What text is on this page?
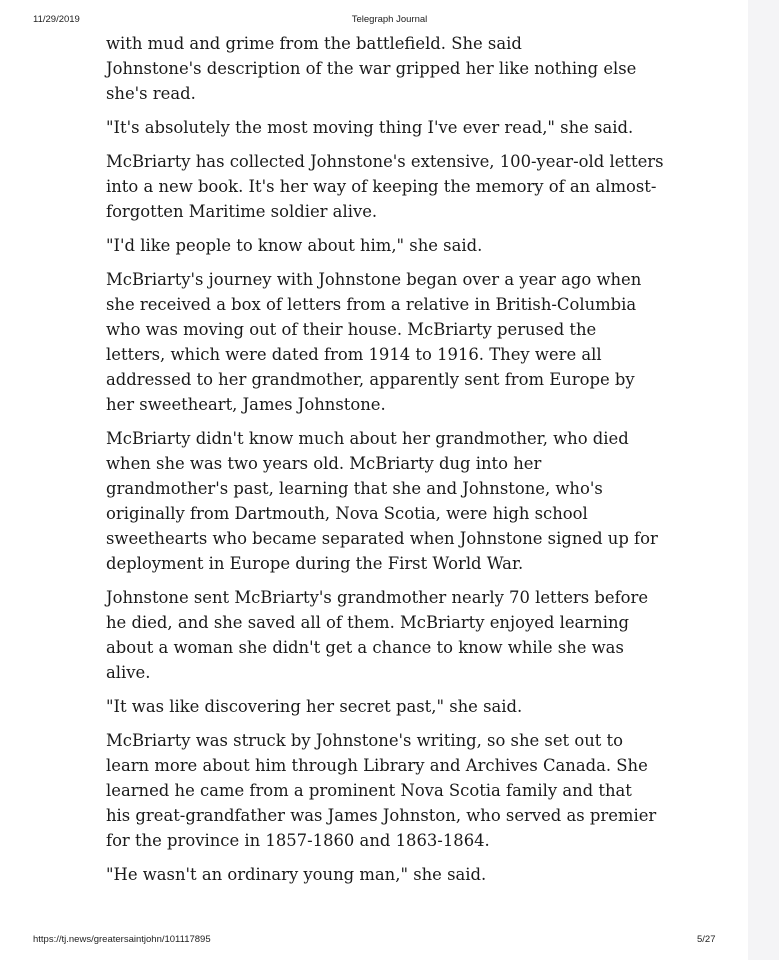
11/29/2019	Telegraph Journal

with mud and grime from the battlefield. She said
Johnstone's description of the war gripped her like nothing else
she's read.

"It's absolutely the most moving thing I've ever read," she said.

McBriarty has collected Johnstone's extensive, 100-year-old letters
into a new book. It's her way of keeping the memory of an almost-
forgotten Maritime soldier alive.

"I'd like people to know about him," she said.

McBriarty's journey with Johnstone began over a year ago when
she received a box of letters from a relative in British-Columbia
who was moving out of their house. McBriarty perused the
letters, which were dated from 1914 to 1916. They were all
addressed to her grandmother, apparently sent from Europe by
her sweetheart, James Johnstone.

McBriarty didn't know much about her grandmother, who died
when she was two years old. McBriarty dug into her
grandmother's past, learning that she and Johnstone, who's
originally from Dartmouth, Nova Scotia, were high school
sweethearts who became separated when Johnstone signed up for
deployment in Europe during the First World War.

Johnstone sent McBriarty's grandmother nearly 70 letters before
he died, and she saved all of them. McBriarty enjoyed learning
about a woman she didn't get a chance to know while she was
alive.

"It was like discovering her secret past," she said.

McBriarty was struck by Johnstone's writing, so she set out to
learn more about him through Library and Archives Canada. She
learned he came from a prominent Nova Scotia family and that
his great-grandfather was James Johnston, who served as premier
for the province in 1857-1860 and 1863-1864.

"He wasn't an ordinary young man," she said.

https://tj.news/greatersaintjohn/101117895	5/27
